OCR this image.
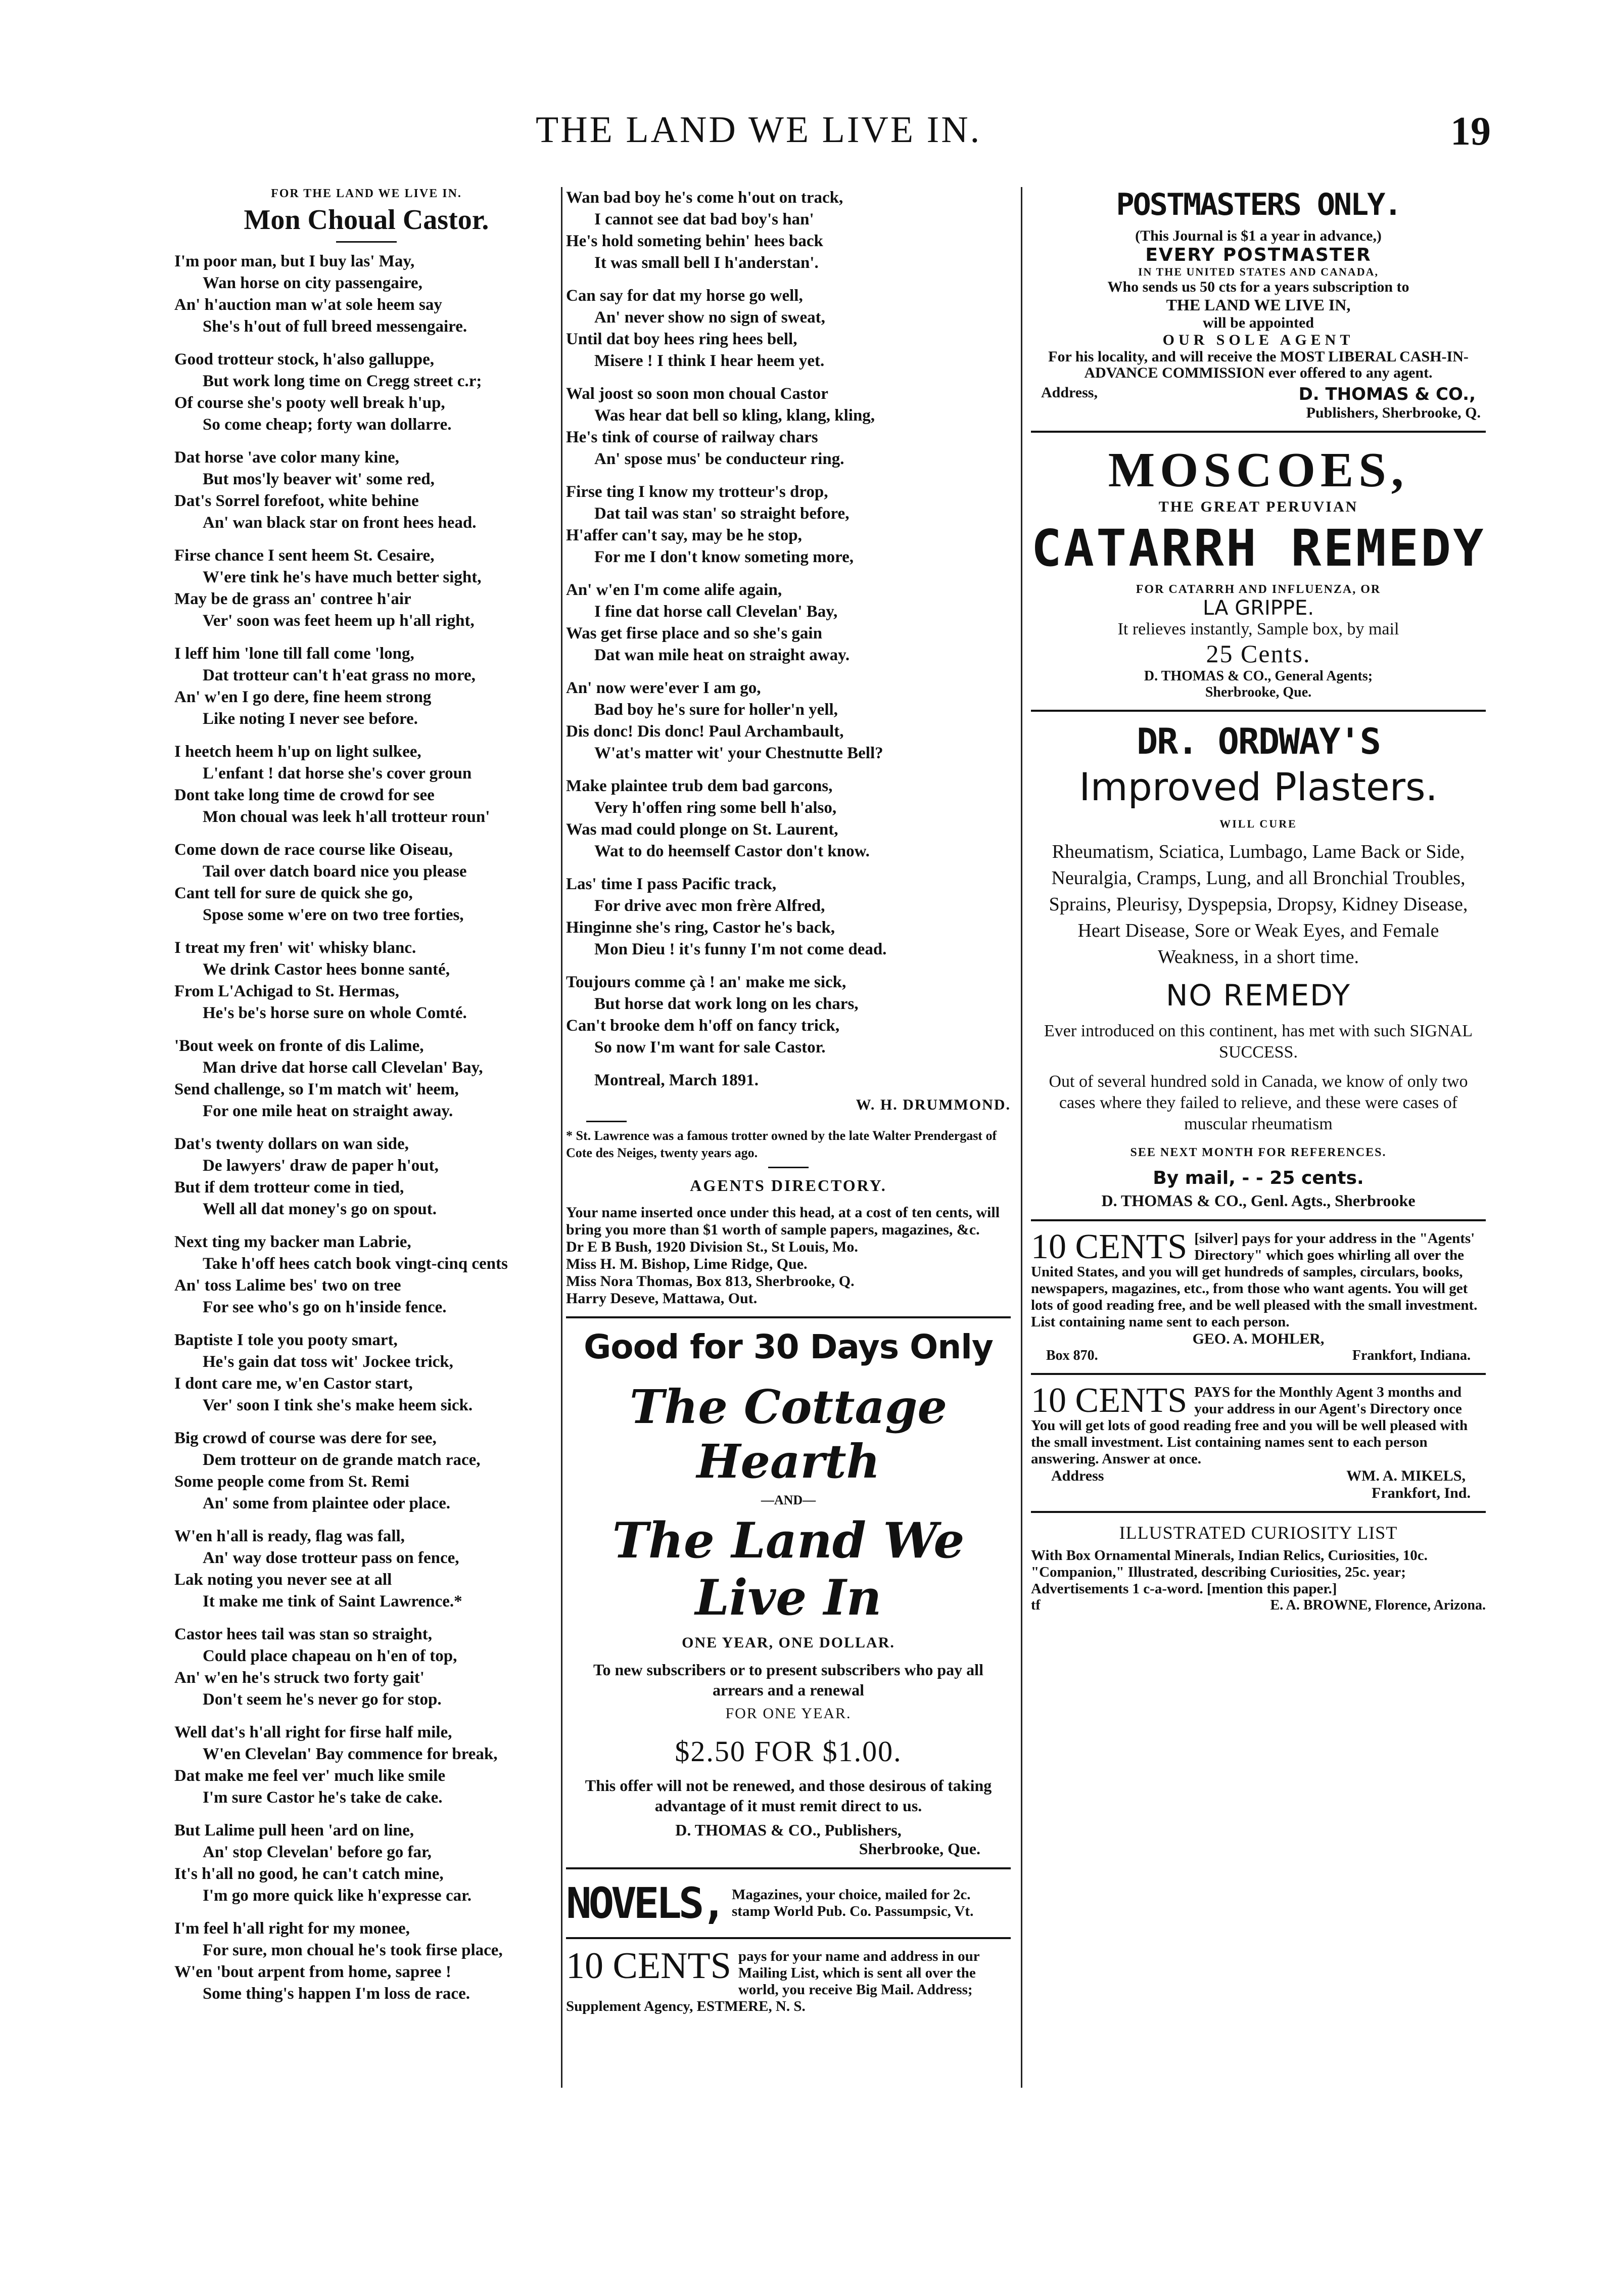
THE LAND WE LIVE IN.	19
FOR THE LAND WE LIVE IN.
Mon Choual Castor.
I'm poor man, but I buy las' May,
Wan horse on city passengaire,
An' h'auction man w'at sole heem say
She's h'out of full breed messengaire.
Good trotteur stock, h'also galluppe,
But work long time on Cregg street c.r;
Of course she's pooty well break h'up,
So come cheap; forty wan dollarre.
Dat horse 'ave color many kine,
But mos'ly beaver wit' some red,
Dat's Sorrel forefoot, white behine
An' wan black star on front hees head.
Firse chance I sent heem St. Cesaire,
W'ere tink he's have much better sight,
May be de grass an' contree h'air
Ver' soon was feet heem up h'all right,
I leff him 'lone till fall come 'long,
Dat trotteur can't h'eat grass no more,
An' w'en I go dere, fine heem strong
Like noting I never see before.
I heetch heem h'up on light sulkee,
L'enfant ! dat horse she's cover groun
Dont take long time de crowd for see
Mon choual was leek h'all trotteur roun'
Come down de race course like Oiseau,
Tail over datch board nice you please
Cant tell for sure de quick she go,
Spose some w'ere on two tree forties,
I treat my fren' wit' whisky blanc.
We drink Castor hees bonne santé,
From L'Achigad to St. Hermas,
He's be's horse sure on whole Comté.
'Bout week on fronte of dis Lalime,
Man drive dat horse call Clevelan' Bay,
Send challenge, so I'm match wit' heem,
For one mile heat on straight away.
Dat's twenty dollars on wan side,
De lawyers' draw de paper h'out,
But if dem trotteur come in tied,
Well all dat money's go on spout.
Next ting my backer man Labrie,
Take h'off hees catch book vingt-cinq cents
An' toss Lalime bes' two on tree
For see who's go on h'inside fence.
Baptiste I tole you pooty smart,
He's gain dat toss wit' Jockee trick,
I dont care me, w'en Castor start,
Ver' soon I tink she's make heem sick.
Big crowd of course was dere for see,
Dem trotteur on de grande match race,
Some people come from St. Remi
An' some from plaintee oder place.
W'en h'all is ready, flag was fall,
An' way dose trotteur pass on fence,
Lak noting you never see at all
It make me tink of Saint Lawrence.*
Castor hees tail was stan so straight,
Could place chapeau on h'en of top,
An' w'en he's struck two forty gait'
Don't seem he's never go for stop.
Well dat's h'all right for firse half mile,
W'en Clevelan' Bay commence for break,
Dat make me feel ver' much like smile
I'm sure Castor he's take de cake.
But Lalime pull heen 'ard on line,
An' stop Clevelan' before go far,
It's h'all no good, he can't catch mine,
I'm go more quick like h'expresse car.
I'm feel h'all right for my monee,
For sure, mon choual he's took firse place,
W'en 'bout arpent from home, sapree !
Some thing's happen I'm loss de race.
Wan bad boy he's come h'out on track,
I cannot see dat bad boy's han'
He's hold someting behin' hees back
It was small bell I h'anderstan'.
Can say for dat my horse go well,
An' never show no sign of sweat,
Until dat boy hees ring hees bell,
Misere ! I think I hear heem yet.
Wal joost so soon mon choual Castor
Was hear dat bell so kling, klang, kling,
He's tink of course of railway chars
An' spose mus' be conducteur ring.
Firse ting I know my trotteur's drop,
Dat tail was stan' so straight before,
H'affer can't say, may be he stop,
For me I don't know someting more,
An' w'en I'm come alife again,
I fine dat horse call Clevelan' Bay,
Was get firse place and so she's gain
Dat wan mile heat on straight away.
An' now were'ever I am go,
Bad boy he's sure for holler'n yell,
Dis donc! Dis donc! Paul Archambault,
W'at's matter wit' your Chestnutte Bell?
Make plaintee trub dem bad garcons,
Very h'offen ring some bell h'also,
Was mad could plonge on St. Laurent,
Wat to do heemself Castor don't know.
Las' time I pass Pacific track,
For drive avec mon frère Alfred,
Hinginne she's ring, Castor he's back,
Mon Dieu ! it's funny I'm not come dead.
Toujours comme çà ! an' make me sick,
But horse dat work long on les chars,
Can't brooke dem h'off on fancy trick,
So now I'm want for sale Castor.
Montreal, March 1891.
W. H. DRUMMOND.
* St. Lawrence was a famous trotter owned by the late Walter Prendergast of Cote des Neiges, twenty years ago.
AGENTS DIRECTORY.
Your name inserted once under this head, at a cost of ten cents, will bring you more than $1 worth of sample papers, magazines, &c.
Dr E B Bush, 1920 Division St., St Louis, Mo.
Miss H. M. Bishop, Lime Ridge, Que.
Miss Nora Thomas, Box 813, Sherbrooke, Q.
Harry Deseve, Mattawa, Out.
Good for 30 Days Only
The Cottage Hearth
—AND—
The Land We Live In
ONE YEAR, ONE DOLLAR.
To new subscribers or to present subscribers who pay all arrears and a renewal
FOR ONE YEAR.
$2.50 FOR $1.00.
This offer will not be renewed, and those desirous of taking advantage of it must remit direct to us.
D. THOMAS & CO., Publishers,
Sherbrooke, Que.
NOVELS, Magazines, your choice, mailed for 2c. stamp World Pub. Co. Passumpsic, Vt.
10 CENTS pays for your name and address in our Mailing List, which is sent all over the world, you receive Big Mail. Address; Supplement Agency, ESTMERE, N. S.
POSTMASTERS ONLY.
(This Journal is $1 a year in advance,)
EVERY POSTMASTER
IN THE UNITED STATES AND CANADA,
Who sends us 50 cts for a years subscription to
THE LAND WE LIVE IN,
will be appointed
OUR SOLE AGENT
For his locality, and will receive the MOST LIBERAL CASH-IN-ADVANCE COMMISSION ever offered to any agent.
Address,	D. THOMAS & CO.,
Publishers, Sherbrooke, Q.
MOSCOES,
THE GREAT PERUVIAN
CATARRH REMEDY
FOR CATARRH AND INFLUENZA, OR
LA GRIPPE.
It relieves instantly, Sample box, by mail
25 Cents.
D. THOMAS & CO., General Agents;
Sherbrooke, Que.
DR. ORDWAY'S
Improved Plasters.
WILL CURE
Rheumatism, Sciatica, Lumbago, Lame Back or Side, Neuralgia, Cramps, Lung, and all Bronchial Troubles, Sprains, Pleurisy, Dyspepsia, Dropsy, Kidney Disease, Heart Disease, Sore or Weak Eyes, and Female Weakness, in a short time.
NO REMEDY
Ever introduced on this continent, has met with such SIGNAL SUCCESS.
Out of several hundred sold in Canada, we know of only two cases where they failed to relieve, and these were cases of muscular rheumatism
SEE NEXT MONTH FOR REFERENCES.
By mail, - - 25 cents.
D. THOMAS & CO., Genl. Agts., Sherbrooke
10 CENTS [silver] pays for your address in the "Agents' Directory" which goes whirling all over the United States, and you will get hundreds of samples, circulars, books, newspapers, magazines, etc., from those who want agents. You will get lots of good reading free, and be well pleased with the small investment. List containing name sent to each person.
GEO. A. MOHLER,
Box 870.	Frankfort, Indiana.
10 CENTS PAYS for the Monthly Agent 3 months and your address in our Agent's Directory once You will get lots of good reading free and you will be well pleased with the small investment. List containing names sent to each person answering. Answer at once.
Address	WM. A. MIKELS,
Frankfort, Ind.
ILLUSTRATED CURIOSITY LIST
With Box Ornamental Minerals, Indian Relics, Curiosities, 10c. "Companion," Illustrated, describing Curiosities, 25c. year; Advertisements 1 c-a-word. [mention this paper.]
tf	E. A. BROWNE, Florence, Arizona.
